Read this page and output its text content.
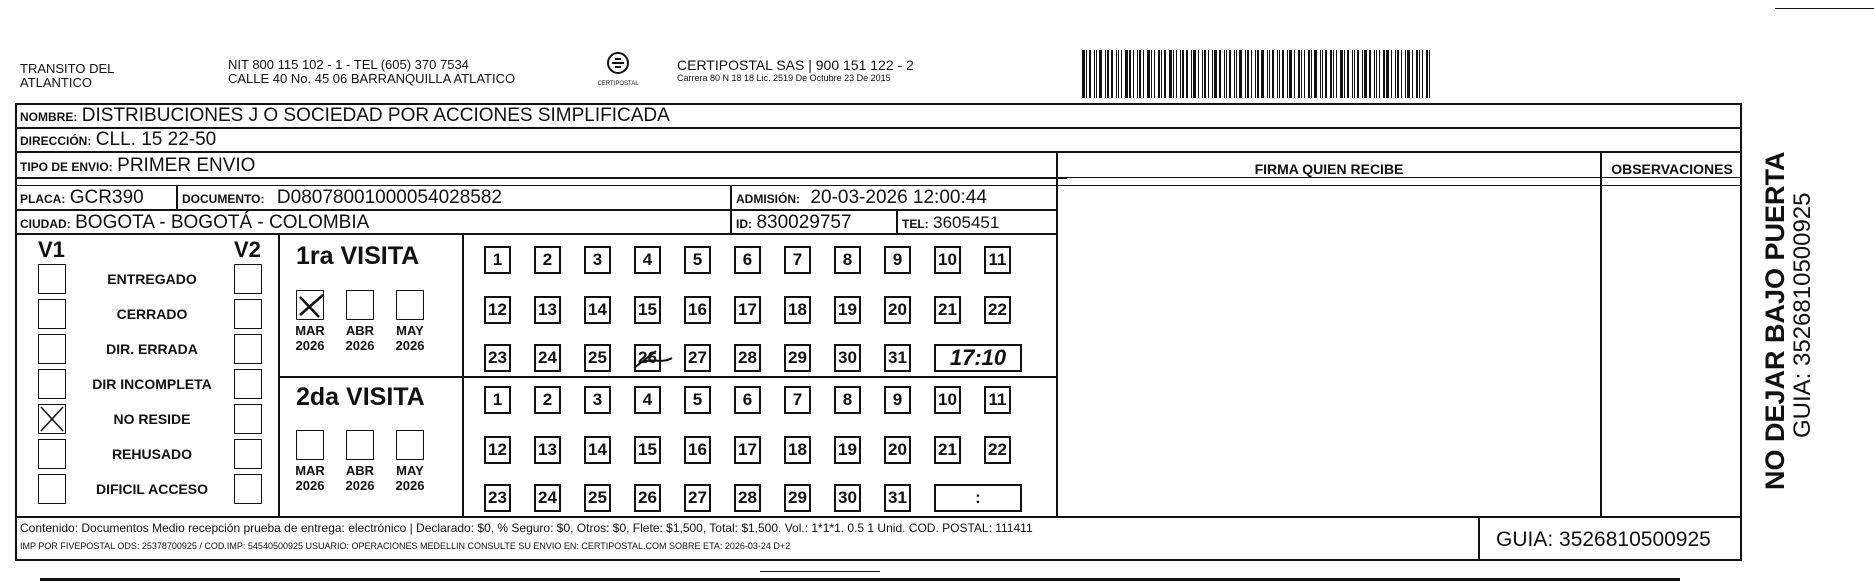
TRANSITO DEL
ATLANTICO
NIT 800 115 102 - 1 - TEL (605) 370 7534
CALLE 40 No. 45 06 BARRANQUILLA ATLATICO	CERTIPOSTAL
CERTIPOSTAL SAS | 900 151 122 - 2
Carrera 80 N 18 18 Lic. 2519 De Octubre 23 De 2015
NOMBRE: DISTRIBUCIONES J O SOCIEDAD POR ACCIONES SIMPLIFICADA
DIRECCIÓN: CLL. 15 22-50
TIPO DE ENVIO: PRIMER ENVIO
PLACA: GCR390	DOCUMENTO: D08078001000054028582	ADMISIÓN: 20-03-2026 12:00:44
CIUDAD: BOGOTA - BOGOTÁ - COLOMBIA	ID: 830029757	TEL: 3605451
FIRMA QUIEN RECIBE	OBSERVACIONES
V1	V2
ENTREGADO
CERRADO
DIR. ERRADA
DIR INCOMPLETA
NO RESIDE
REHUSADO
DIFICIL ACCESO
1ra VISITA
2da VISITA
MAR
2026
ABR
2026
MAY
2026
MAR
2026
ABR
2026
MAY
2026
1	2	3	4	5	6	7	8	9	10 11
12 13 14 15 16 17 18 19 20 21 22
23 24 25 26 27 28 29 30 31	17:10
1	2	3	4	5	6	7	8	9	10 11
12 13 14 15 16 17 18 19 20 21 22
23 24 25 26 27 28 29 30 31	:
Contenido: Documentos Medio recepción prueba de entrega: electrónico | Declarado: $0, % Seguro: $0, Otros: $0, Flete: $1,500, Total: $1,500. Vol.: 1*1*1. 0.5 1 Unid. COD. POSTAL: 111411
IMP POR FIVEPOSTAL ODS: 25378700925 / COD.IMP: 54540500925 USUARIO: OPERACIONES MEDELLIN CONSULTE SU ENVIO EN: CERTIPOSTAL.COM SOBRE ETA: 2026-03-24 D+2	GUIA: 3526810500925
NO DEJAR BAJO PUERTA GUIA: 3526810500925
